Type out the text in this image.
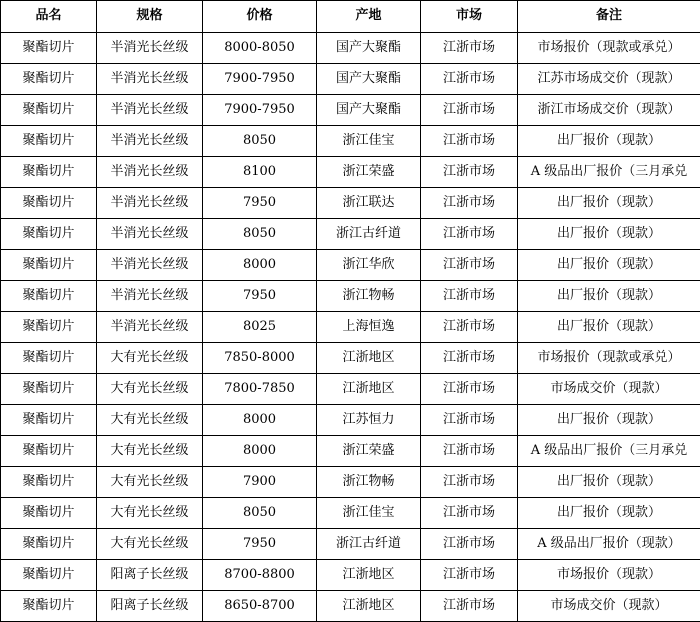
品名	规格	价格	产地	市场	备注
聚酯切片	半消光长丝级	8000-8050	国产大聚酯	江浙市场	市场报价（现款或承兑）
聚酯切片	半消光长丝级	7900-7950	国产大聚酯	江浙市场	江苏市场成交价（现款）
聚酯切片	半消光长丝级	7900-7950	国产大聚酯	江浙市场	浙江市场成交价（现款）
聚酯切片	半消光长丝级	8050	浙江佳宝	江浙市场	出厂报价（现款）
聚酯切片	半消光长丝级	8100	浙江荣盛	江浙市场	A 级品出厂报价（三月承兑
聚酯切片	半消光长丝级	7950	浙江联达	江浙市场	出厂报价（现款）
聚酯切片	半消光长丝级	8050	浙江古纤道	江浙市场	出厂报价（现款）
聚酯切片	半消光长丝级	8000	浙江华欣	江浙市场	出厂报价（现款）
聚酯切片	半消光长丝级	7950	浙江物畅	江浙市场	出厂报价（现款）
聚酯切片	半消光长丝级	8025	上海恒逸	江浙市场	出厂报价（现款）
聚酯切片	大有光长丝级	7850-8000	江浙地区	江浙市场	市场报价（现款或承兑）
聚酯切片	大有光长丝级	7800-7850	江浙地区	江浙市场	市场成交价（现款）
聚酯切片	大有光长丝级	8000	江苏恒力	江浙市场	出厂报价（现款）
聚酯切片	大有光长丝级	8000	浙江荣盛	江浙市场	A 级品出厂报价（三月承兑
聚酯切片	大有光长丝级	7900	浙江物畅	江浙市场	出厂报价（现款）
聚酯切片	大有光长丝级	8050	浙江佳宝	江浙市场	出厂报价（现款）
聚酯切片	大有光长丝级	7950	浙江古纤道	江浙市场	A 级品出厂报价（现款）
聚酯切片	阳离子长丝级	8700-8800	江浙地区	江浙市场	市场报价（现款）
聚酯切片	阳离子长丝级	8650-8700	江浙地区	江浙市场	市场成交价（现款）
